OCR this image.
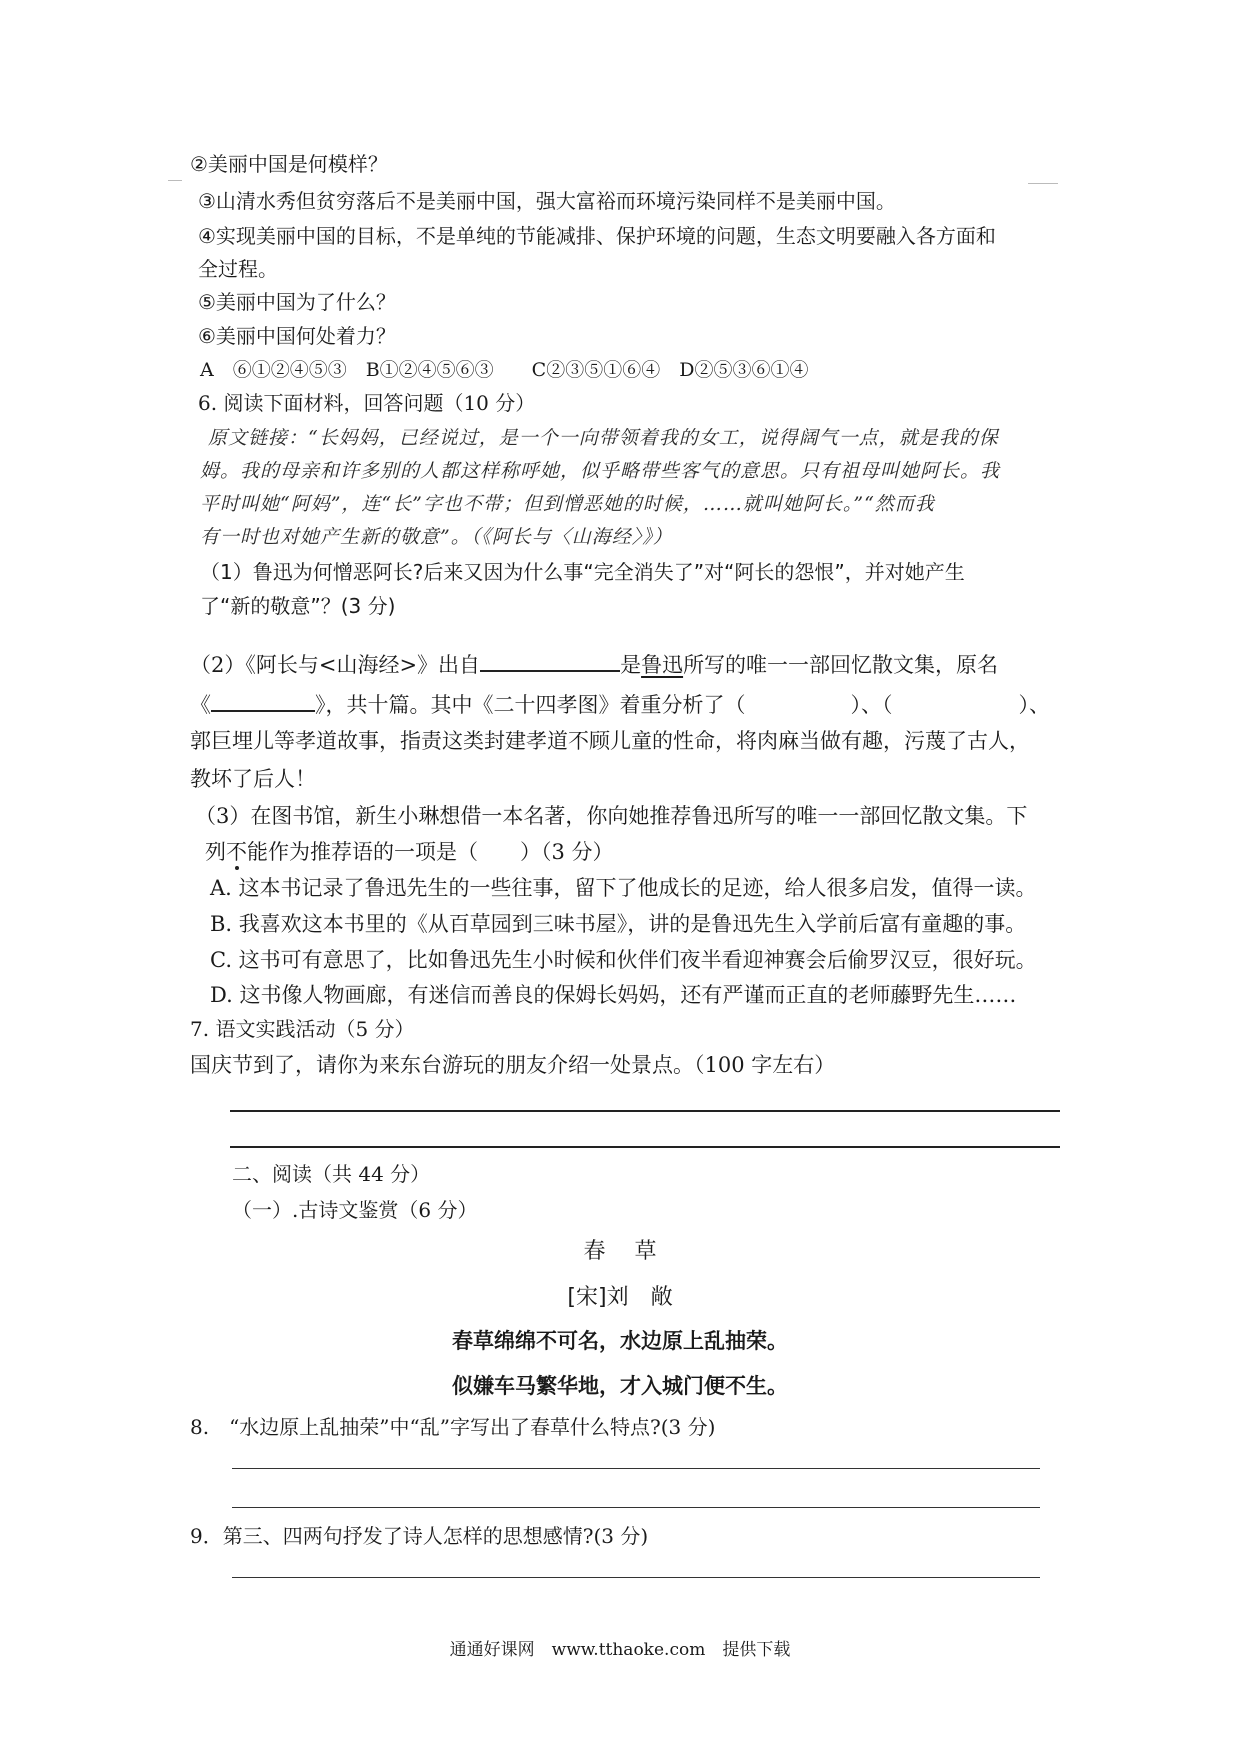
②美丽中国是何模样？
③山清水秀但贫穷落后不是美丽中国，强大富裕而环境污染同样不是美丽中国。
④实现美丽中国的目标，不是单纯的节能减排、保护环境的问题，生态文明要融入各方面和
全过程。
⑤美丽中国为了什么？
⑥美丽中国何处着力？
A　⑥①②④⑤③　B①②④⑤⑥③　　C②③⑤①⑥④　D②⑤③⑥①④
6. 阅读下面材料，回答问题（10 分）
原文链接：“长妈妈，已经说过，是一个一向带领着我的女工，说得阔气一点，就是我的保
姆。我的母亲和许多别的人都这样称呼她，似乎略带些客气的意思。只有祖母叫她阿长。我
平时叫她“阿妈”，连“长”字也不带；但到憎恶她的时候，……就叫她阿长。”“然而我
有一时也对她产生新的敬意”。（《阿长与〈山海经〉》）
（1）鲁迅为何憎恶阿长?后来又因为什么事“完全消失了”对“阿长的怨恨”，并对她产生
了“新的敬意”？(3 分)
（2）《阿长与<山海经>》出自	是鲁迅所写的唯一一部回忆散文集，原名
《	》，共十篇。其中《二十四孝图》着重分析了（　　　　　）、（　　　　　　）、
郭巨埋儿等孝道故事，指责这类封建孝道不顾儿童的性命，将肉麻当做有趣，污蔑了古人，
教坏了后人！
（3）在图书馆，新生小琳想借一本名著，你向她推荐鲁迅所写的唯一一部回忆散文集。下
列不能作为推荐语的一项是（　　）（3 分）
A. 这本书记录了鲁迅先生的一些往事，留下了他成长的足迹，给人很多启发，值得一读。
B. 我喜欢这本书里的《从百草园到三味书屋》，讲的是鲁迅先生入学前后富有童趣的事。
C. 这书可有意思了，比如鲁迅先生小时候和伙伴们夜半看迎神赛会后偷罗汉豆，很好玩。
D. 这书像人物画廊，有迷信而善良的保姆长妈妈，还有严谨而正直的老师藤野先生……
7. 语文实践活动（5 分）
国庆节到了，请你为来东台游玩的朋友介绍一处景点。（100 字左右）
二、阅读（共 44 分）
（一）.古诗文鉴赏（6 分）
春　 草
[宋]刘　敞
春草绵绵不可名，水边原上乱抽荣。
似嫌车马繁华地，才入城门便不生。
8.　“水边原上乱抽荣”中“乱”字写出了春草什么特点?(3 分)
9．第三、四两句抒发了诗人怎样的思想感情?(3 分)
通通好课网　www.tthaoke.com　提供下载
